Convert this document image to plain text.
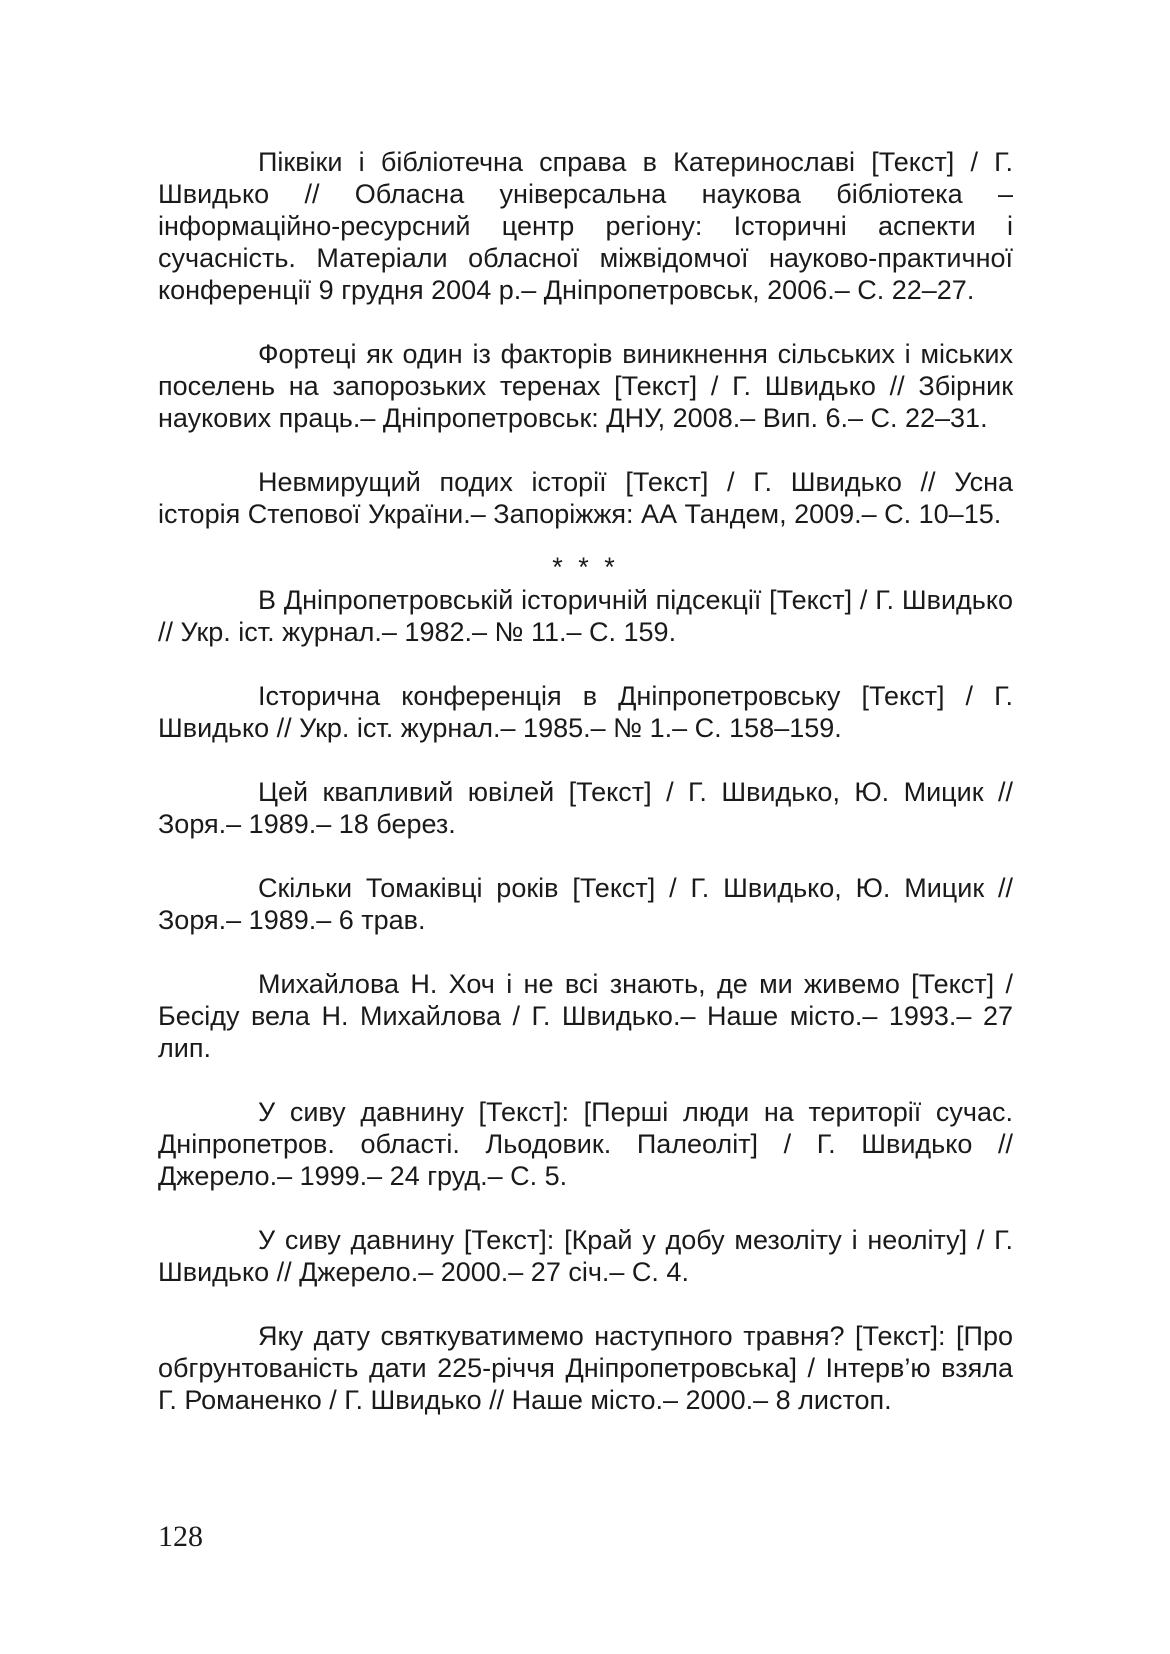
Пiквiки i бiблiотечна справа в Катеринославi [Текст] / Г. Швидько // Обласна унiверсальна наукова бiблiотека – iнформацiйно-ресурсний центр регiону: Iсторичнi аспекти i сучаснiсть. Матерiали обласної мiжвiдомчої науково-практичної конференцiї 9 грудня 2004 р.– Днiпропетровськ, 2006.– С. 22–27.

Фортецi як один iз факторiв виникнення сiльських i мiських поселень на запорозьких теренах [Текст] / Г. Швидько // Збiрник наукових праць.– Днiпропетровськ: ДНУ, 2008.– Вип. 6.– С. 22–31.

Невмирущий подих iсторiї [Текст] / Г. Швидько // Усна iсторiя Степової України.– Запорiжжя: АА Тандем, 2009.– С. 10–15.

* * *

В Днiпропетровськiй iсторичнiй пiдсекцiї [Текст] / Г. Швидько // Укр. iст. журнал.– 1982.– № 11.– С. 159.

Iсторична конференцiя в Днiпропетровську [Текст] / Г. Швидько // Укр. iст. журнал.– 1985.– № 1.– С. 158–159.

Цей квапливий ювiлей [Текст] / Г. Швидько, Ю. Мицик // Зоря.– 1989.– 18 берез.

Скiльки Томакiвцi рокiв [Текст] / Г. Швидько, Ю. Мицик // Зоря.– 1989.– 6 трав.

Михайлова Н. Хоч i не всi знають, де ми живемо [Текст] / Бесiду вела Н. Михайлова / Г. Швидько.– Наше мiсто.– 1993.– 27 лип.

У сиву давнину [Текст]: [Першi люди на територiї сучас. Днiпропетров. областi. Льодовик. Палеолiт] / Г. Швидько // Джерело.– 1999.– 24 груд.– С. 5.

У сиву давнину [Текст]: [Край у добу мезолiту i неолiту] / Г. Швидько // Джерело.– 2000.– 27 сiч.– С. 4.

Яку дату святкуватимемо наступного травня? [Текст]: [Про обгрунтованiсть дати 225-рiччя Днiпропетровська] / Iнтерв’ю взяла Г. Романенко / Г. Швидько // Наше мiсто.– 2000.– 8 листоп.

128
